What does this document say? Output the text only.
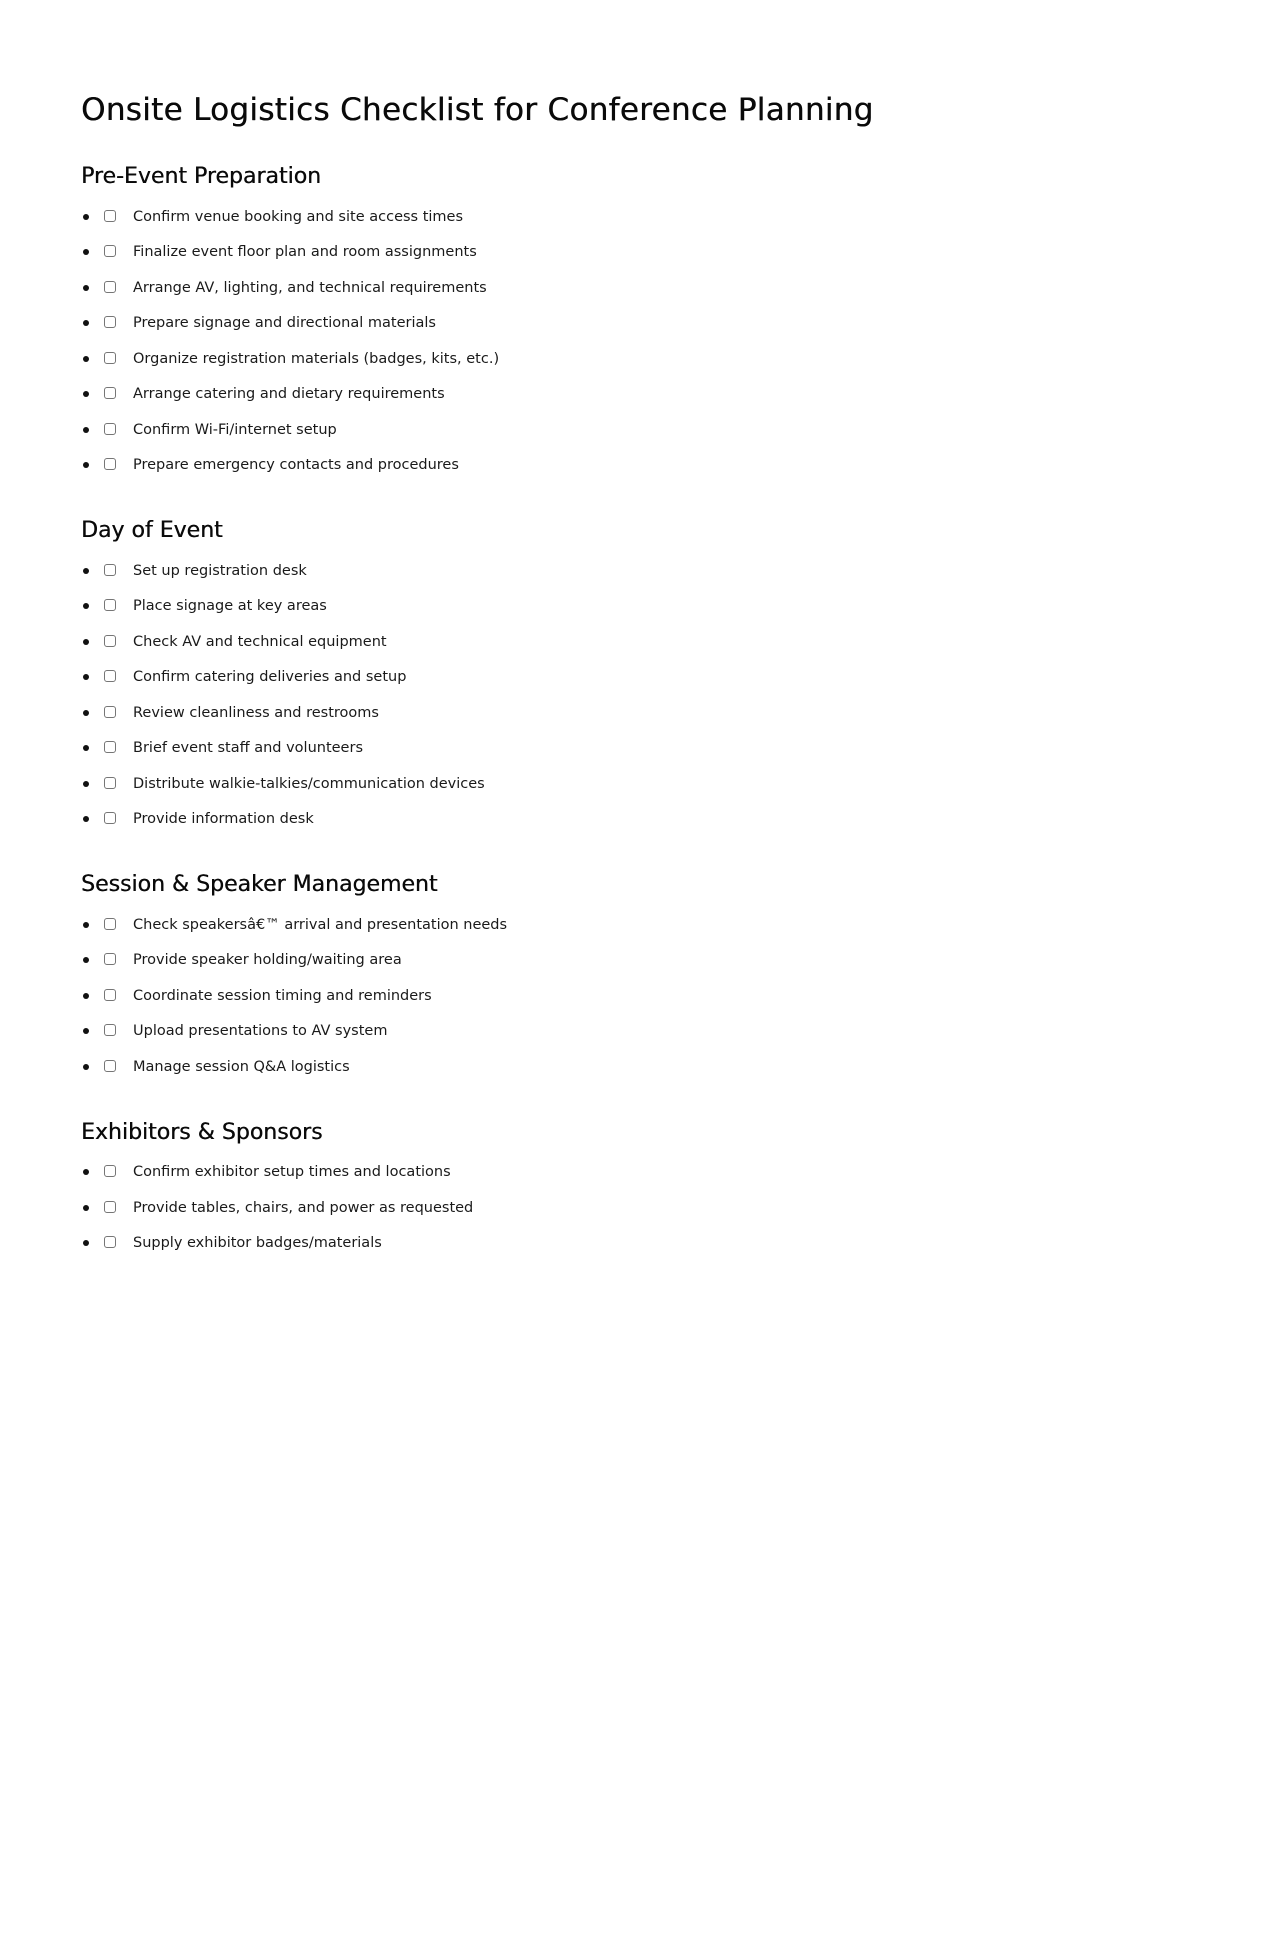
Onsite Logistics Checklist for Conference Planning
Pre-Event Preparation
Confirm venue booking and site access times
Finalize event floor plan and room assignments
Arrange AV, lighting, and technical requirements
Prepare signage and directional materials
Organize registration materials (badges, kits, etc.)
Arrange catering and dietary requirements
Confirm Wi-Fi/internet setup
Prepare emergency contacts and procedures
Day of Event
Set up registration desk
Place signage at key areas
Check AV and technical equipment
Confirm catering deliveries and setup
Review cleanliness and restrooms
Brief event staff and volunteers
Distribute walkie-talkies/communication devices
Provide information desk
Session & Speaker Management
Check speakersâ€™ arrival and presentation needs
Provide speaker holding/waiting area
Coordinate session timing and reminders
Upload presentations to AV system
Manage session Q&A logistics
Exhibitors & Sponsors
Confirm exhibitor setup times and locations
Provide tables, chairs, and power as requested
Supply exhibitor badges/materials
